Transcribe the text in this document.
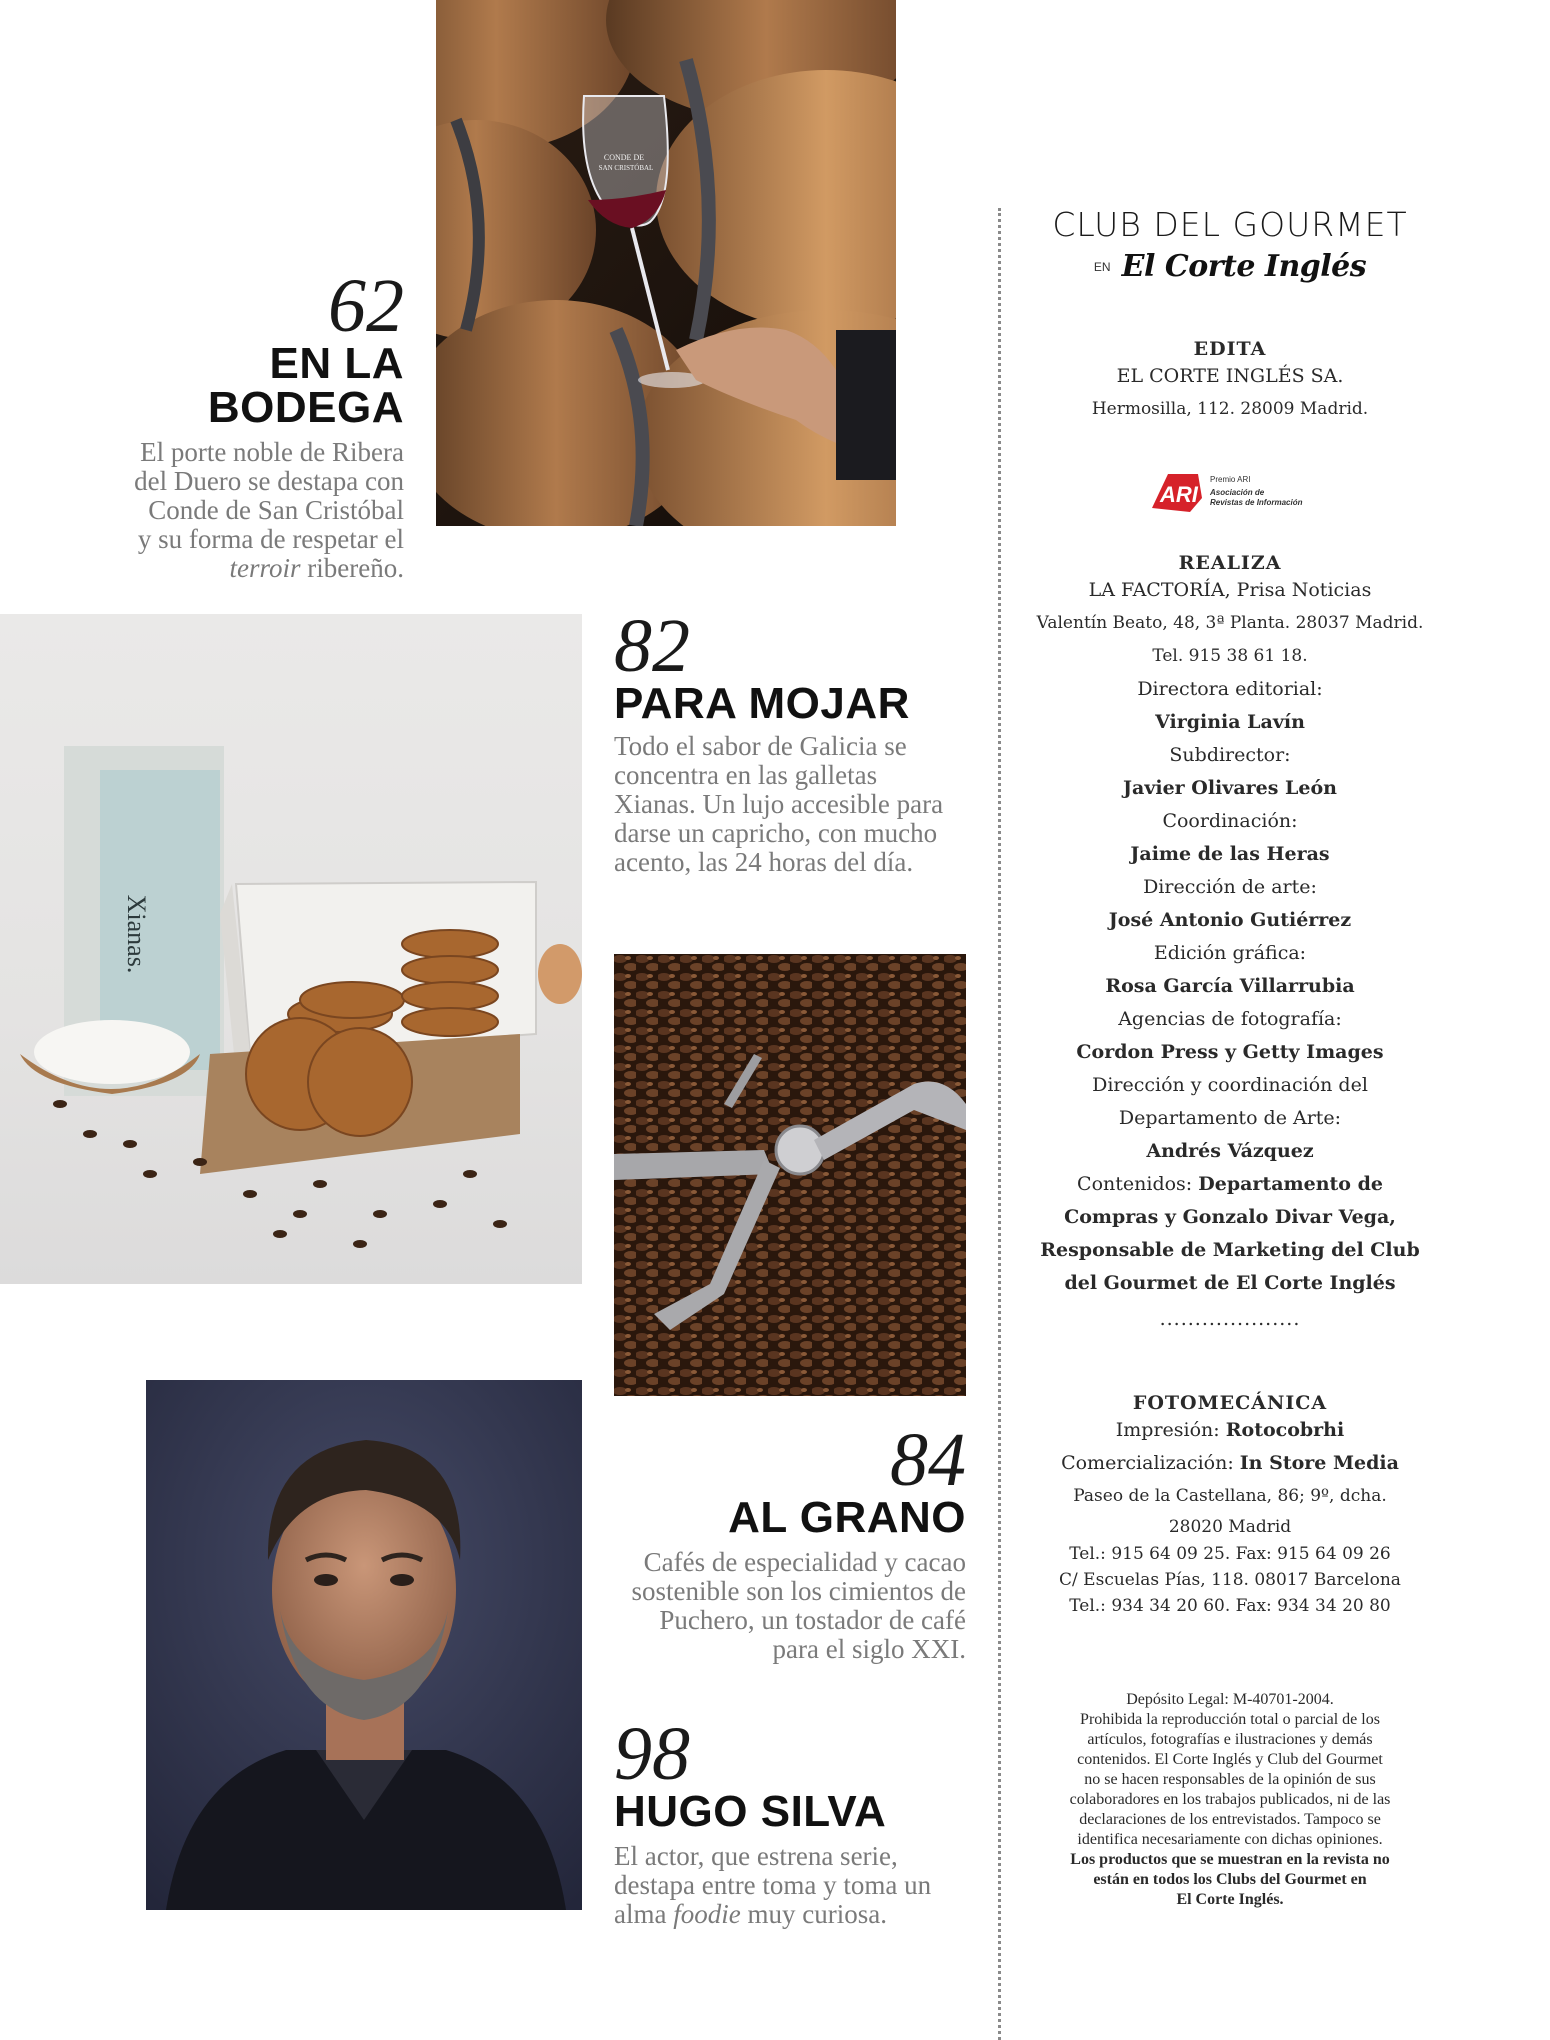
CONDE DE
SAN CRISTÓBAL
62
EN LA BODEGA
El porte noble de Ribera
del Duero se destapa con
Conde de San Cristóbal
y su forma de respetar el
terroir ribereño.
Xianas.
82
PARA MOJAR
Todo el sabor de Galicia se
concentra en las galletas
Xianas. Un lujo accesible para
darse un capricho, con mucho
acento, las 24 horas del día.
84
AL GRANO
Cafés de especialidad y cacao
sostenible son los cimientos de
Puchero, un tostador de café
para el siglo XXI.
98
HUGO SILVA
El actor, que estrena serie,
destapa entre toma y toma un
alma foodie muy curiosa.
CLUB DEL GOURMET
EN El Corte Inglés
EDITA
EL CORTE INGLÉS SA.
Hermosilla, 112. 28009 Madrid.
ARI
Premio ARI
Asociación de
Revistas de Información
REALIZA
LA FACTORÍA, Prisa Noticias
Valentín Beato, 48, 3ª Planta. 28037 Madrid.
Tel. 915 38 61 18.
Directora editorial:
Virginia Lavín
Subdirector:
Javier Olivares León
Coordinación:
Jaime de las Heras
Dirección de arte:
José Antonio Gutiérrez
Edición gráfica:
Rosa García Villarrubia
Agencias de fotografía:
Cordon Press y Getty Images
Dirección y coordinación del
Departamento de Arte:
Andrés Vázquez
Contenidos: Departamento de
Compras y Gonzalo Divar Vega,
Responsable de Marketing del Club
del Gourmet de El Corte Inglés
....................
FOTOMECÁNICA
Impresión: Rotocobrhi
Comercialización: In Store Media
Paseo de la Castellana, 86; 9º, dcha.
28020 Madrid
Tel.: 915 64 09 25. Fax: 915 64 09 26
C/ Escuelas Pías, 118. 08017 Barcelona
Tel.: 934 34 20 60. Fax: 934 34 20 80
Depósito Legal: M-40701-2004.
Prohibida la reproducción total o parcial de los
artículos, fotografías e ilustraciones y demás
contenidos. El Corte Inglés y Club del Gourmet
no se hacen responsables de la opinión de sus
colaboradores en los trabajos publicados, ni de las
declaraciones de los entrevistados. Tampoco se
identifica necesariamente con dichas opiniones.
Los productos que se muestran en la revista no
están en todos los Clubs del Gourmet en
El Corte Inglés.
